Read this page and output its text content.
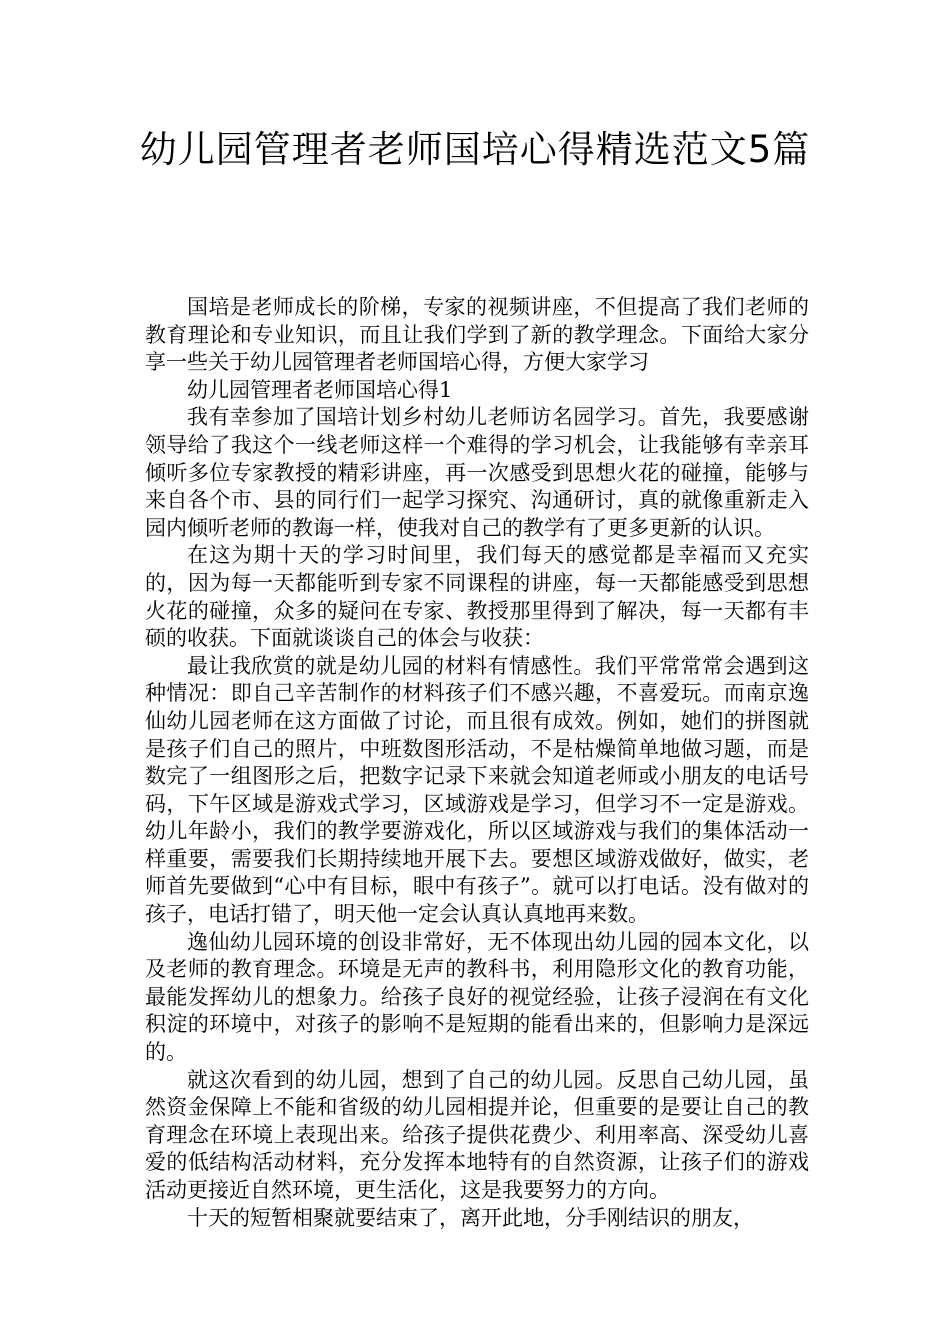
幼儿园管理者老师国培心得精选范文5篇

国培是老师成长的阶梯，专家的视频讲座，不但提高了我们老师的教育理论和专业知识，而且让我们学到了新的教学理念。下面给大家分享一些关于幼儿园管理者老师国培心得，方便大家学习

幼儿园管理者老师国培心得1

我有幸参加了国培计划乡村幼儿老师访名园学习。首先，我要感谢领导给了我这个一线老师这样一个难得的学习机会，让我能够有幸亲耳倾听多位专家教授的精彩讲座，再一次感受到思想火花的碰撞，能够与来自各个市、县的同行们一起学习探究、沟通研讨，真的就像重新走入园内倾听老师的教诲一样，使我对自己的教学有了更多更新的认识。

在这为期十天的学习时间里，我们每天的感觉都是幸福而又充实的，因为每一天都能听到专家不同课程的讲座，每一天都能感受到思想火花的碰撞，众多的疑问在专家、教授那里得到了解决，每一天都有丰硕的收获。下面就谈谈自己的体会与收获：

最让我欣赏的就是幼儿园的材料有情感性。我们平常常常会遇到这种情况：即自己辛苦制作的材料孩子们不感兴趣，不喜爱玩。而南京逸仙幼儿园老师在这方面做了讨论，而且很有成效。例如，她们的拼图就是孩子们自己的照片，中班数图形活动，不是枯燥简单地做习题，而是数完了一组图形之后，把数字记录下来就会知道老师或小朋友的电话号码，下午区域是游戏式学习，区域游戏是学习，但学习不一定是游戏。幼儿年龄小，我们的教学要游戏化，所以区域游戏与我们的集体活动一样重要，需要我们长期持续地开展下去。要想区域游戏做好，做实，老师首先要做到“心中有目标，眼中有孩子”。就可以打电话。没有做对的孩子，电话打错了，明天他一定会认真认真地再来数。

逸仙幼儿园环境的创设非常好，无不体现出幼儿园的园本文化，以及老师的教育理念。环境是无声的教科书，利用隐形文化的教育功能，最能发挥幼儿的想象力。给孩子良好的视觉经验，让孩子浸润在有文化积淀的环境中，对孩子的影响不是短期的能看出来的，但影响力是深远的。

就这次看到的幼儿园，想到了自己的幼儿园。反思自己幼儿园，虽然资金保障上不能和省级的幼儿园相提并论，但重要的是要让自己的教育理念在环境上表现出来。给孩子提供花费少、利用率高、深受幼儿喜爱的低结构活动材料，充分发挥本地特有的自然资源，让孩子们的游戏活动更接近自然环境，更生活化，这是我要努力的方向。

十天的短暂相聚就要结束了，离开此地，分手刚结识的朋友，
